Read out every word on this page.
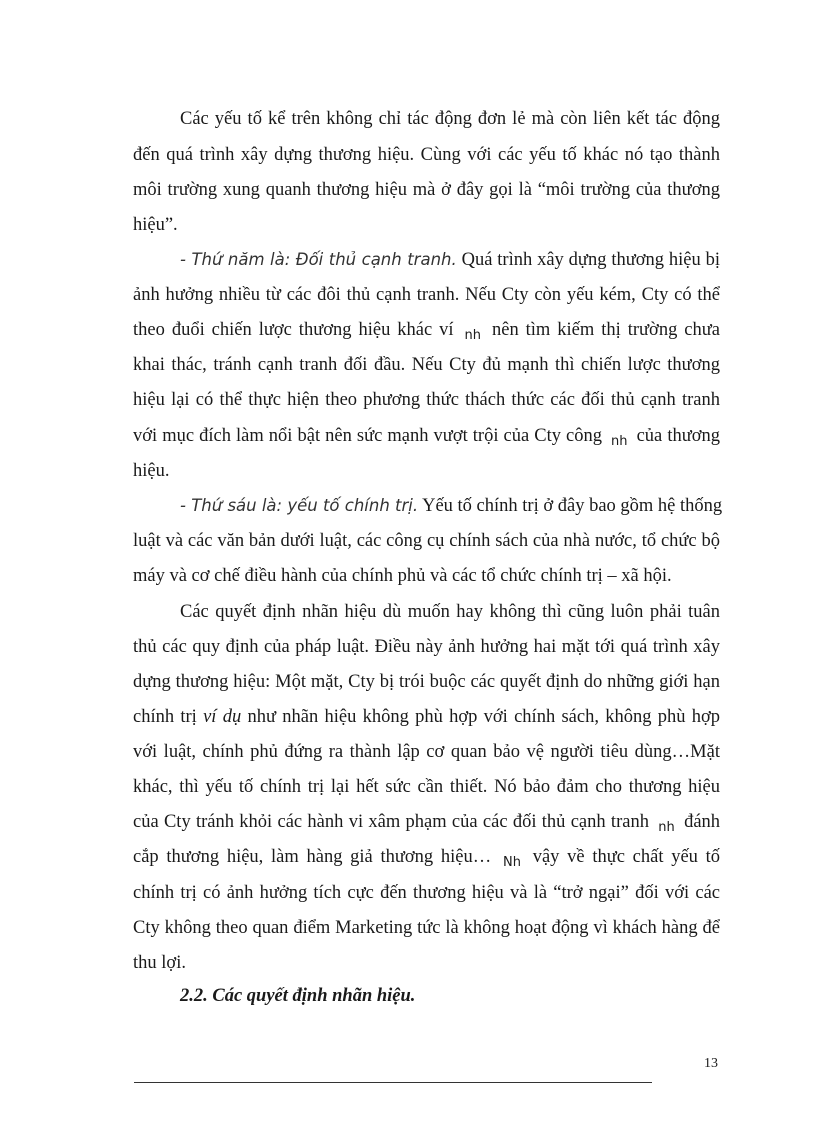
Các yếu tố kể trên không chỉ tác động đơn lẻ mà còn liên kết tác động
đến quá trình xây dựng thương hiệu. Cùng với các yếu tố khác nó tạo thành
môi trường xung quanh thương hiệu mà ở đây gọi là “môi trường của thương
hiệu”.
- Thứ năm là: Đối thủ cạnh tranh. Quá trình xây dựng thương hiệu bị
ảnh hưởng nhiều từ các đôi thủ cạnh tranh. Nếu Cty còn yếu kém, Cty có thể
theo đuổi chiến lược thương hiệu khác ví $_{nh}$ nên tìm kiếm thị trường chưa
khai thác, tránh cạnh tranh đối đầu. Nếu Cty đủ mạnh thì chiến lược thương
hiệu lại có thể thực hiện theo phương thức thách thức các đối thủ cạnh tranh
với mục đích làm nổi bật nên sức mạnh vượt trội của Cty công $_{nh}$ của thương
hiệu.
- Thứ sáu là: yếu tố chính trị. Yếu tố chính trị ở đây bao gồm hệ thống
luật và các văn bản dưới luật, các công cụ chính sách của nhà nước, tổ chức bộ
máy và cơ chế điều hành của chính phủ và các tổ chức chính trị – xã hội.
Các quyết định nhãn hiệu dù muốn hay không thì cũng luôn phải tuân
thủ các quy định của pháp luật. Điều này ảnh hưởng hai mặt tới quá trình xây
dựng thương hiệu: Một mặt, Cty bị trói buộc các quyết định do những giới hạn
chính trị ví dụ như nhãn hiệu không phù hợp với chính sách, không phù hợp
với luật, chính phủ đứng ra thành lập cơ quan bảo vệ người tiêu dùng…Mặt
khác, thì yếu tố chính trị lại hết sức cần thiết. Nó bảo đảm cho thương hiệu
của Cty tránh khỏi các hành vi xâm phạm của các đối thủ cạnh tranh $_{nh}$ đánh
cắp thương hiệu, làm hàng giả thương hiệu… $_{Nh}$ vậy về thực chất yếu tố
chính trị có ảnh hưởng tích cực đến thương hiệu và là “trở ngại” đối với các
Cty không theo quan điểm Marketing tức là không hoạt động vì khách hàng để
thu lợi.
2.2. Các quyết định nhãn hiệu.
13
